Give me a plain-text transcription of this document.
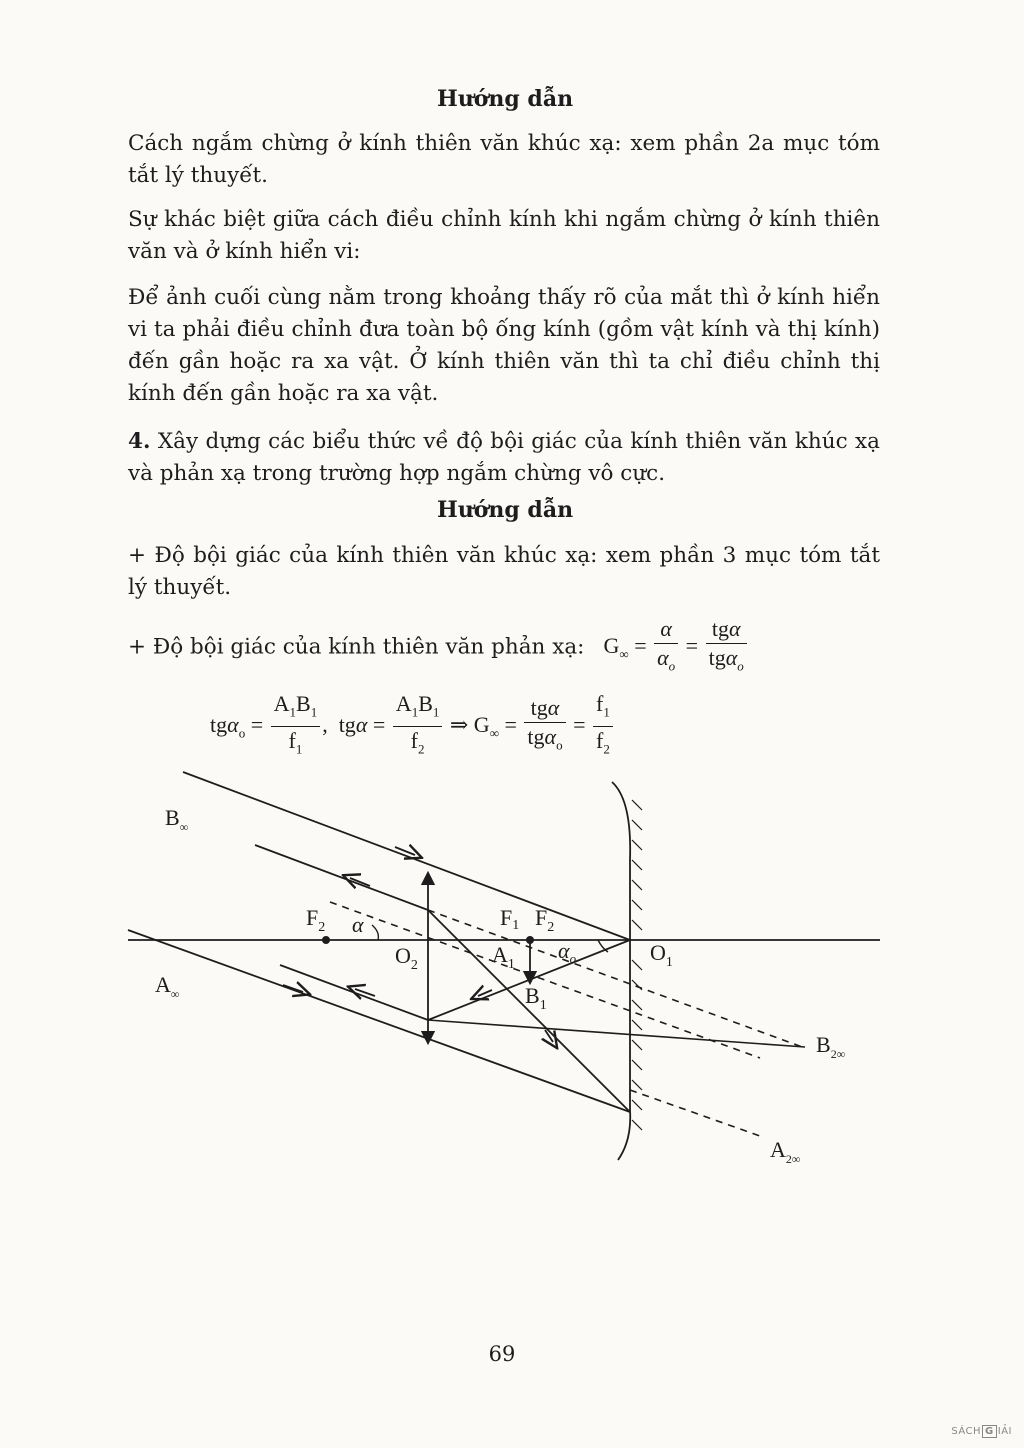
Hướng dẫn
Cách ngắm chừng ở kính thiên văn khúc xạ: xem phần 2a mục tóm tắt lý thuyết.
Sự khác biệt giữa cách điều chỉnh kính khi ngắm chừng ở kính thiên văn và ở kính hiển vi:
Để ảnh cuối cùng nằm trong khoảng thấy rõ của mắt thì ở kính hiển vi ta phải điều chỉnh đưa toàn bộ ống kính (gồm vật kính và thị kính) đến gần hoặc ra xa vật. Ở kính thiên văn thì ta chỉ điều chỉnh thị kính đến gần hoặc ra xa vật.
4. Xây dựng các biểu thức về độ bội giác của kính thiên văn khúc xạ và phản xạ trong trường hợp ngắm chừng vô cực.
Hướng dẫn
+ Độ bội giác của kính thiên văn khúc xạ: xem phần 3 mục tóm tắt lý thuyết.
+ Độ bội giác của kính thiên văn phản xạ: $G_\infty = \frac{\alpha}{\alpha_o} = \frac{\text{tgα}}{tg\alpha_o}$
$tg\alpha_o = \frac{A_1B_1}{f_1}$ ,  $tg\alpha = \frac{A_1B_1}{f_2}$ ⇒ $G_\infty = \frac{\text{tgα}}{tg\alpha_o} = \frac{f_1}{f_2}$
$B_\infty$
$A_\infty$
$F_2$ α
$O_2$
F1 $F_2$
$A_1$
$B_1$
$\alpha_o$	$O_1$
$B_{2\infty}$
$A_{2\infty}$
69
SÁCH G IẢI
